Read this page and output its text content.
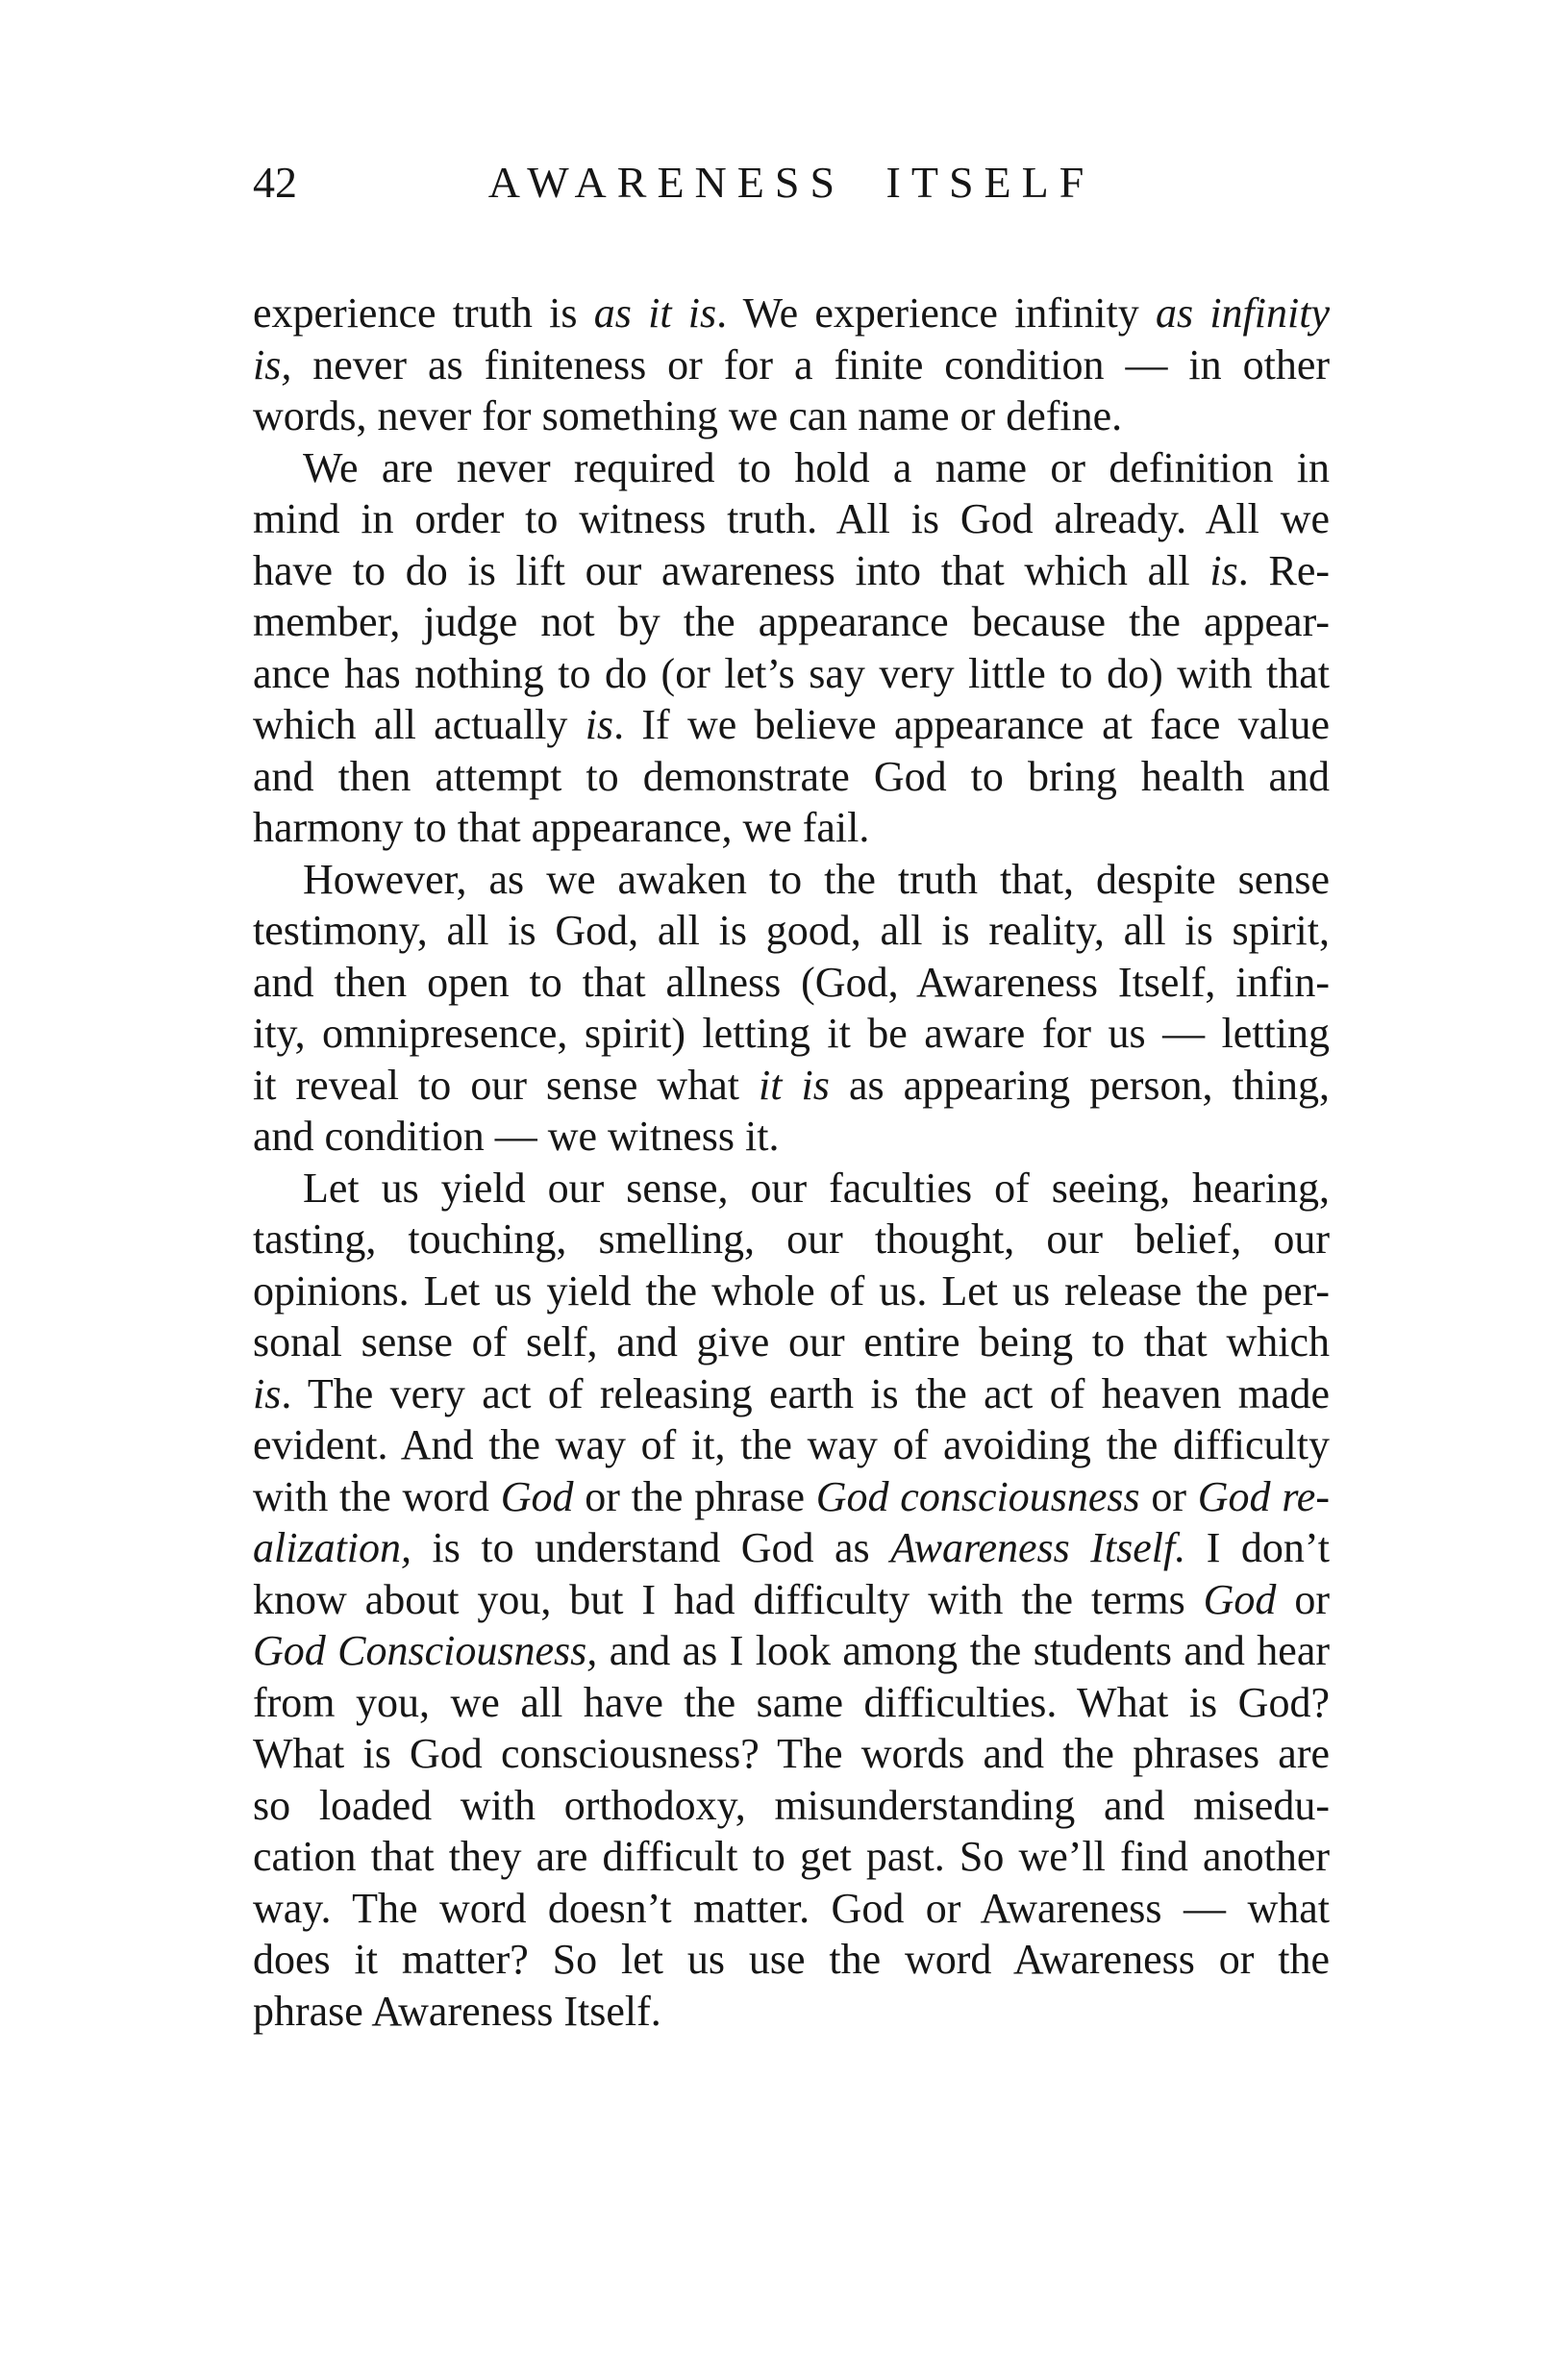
42	AWARENESS ITSELF
experience truth is as it is. We experience infinity as infinity
is, never as finiteness or for a finite condition — in other
words, never for something we can name or define.
We are never required to hold a name or definition in
mind in order to witness truth. All is God already. All we
have to do is lift our awareness into that which all is. Re-
member, judge not by the appearance because the appear-
ance has nothing to do (or let’s say very little to do) with that
which all actually is. If we believe appearance at face value
and then attempt to demonstrate God to bring health and
harmony to that appearance, we fail.
However, as we awaken to the truth that, despite sense
testimony, all is God, all is good, all is reality, all is spirit,
and then open to that allness (God, Awareness Itself, infin-
ity, omnipresence, spirit) letting it be aware for us — letting
it reveal to our sense what it is as appearing person, thing,
and condition — we witness it.
Let us yield our sense, our faculties of seeing, hearing,
tasting, touching, smelling, our thought, our belief, our
opinions. Let us yield the whole of us. Let us release the per-
sonal sense of self, and give our entire being to that which
is. The very act of releasing earth is the act of heaven made
evident. And the way of it, the way of avoiding the difficulty
with the word God or the phrase God consciousness or God re-
alization, is to understand God as Awareness Itself. I don’t
know about you, but I had difficulty with the terms God or
God Consciousness, and as I look among the students and hear
from you, we all have the same difficulties. What is God?
What is God consciousness? The words and the phrases are
so loaded with orthodoxy, misunderstanding and misedu-
cation that they are difficult to get past. So we’ll find another
way. The word doesn’t matter. God or Awareness — what
does it matter? So let us use the word Awareness or the
phrase Awareness Itself.
